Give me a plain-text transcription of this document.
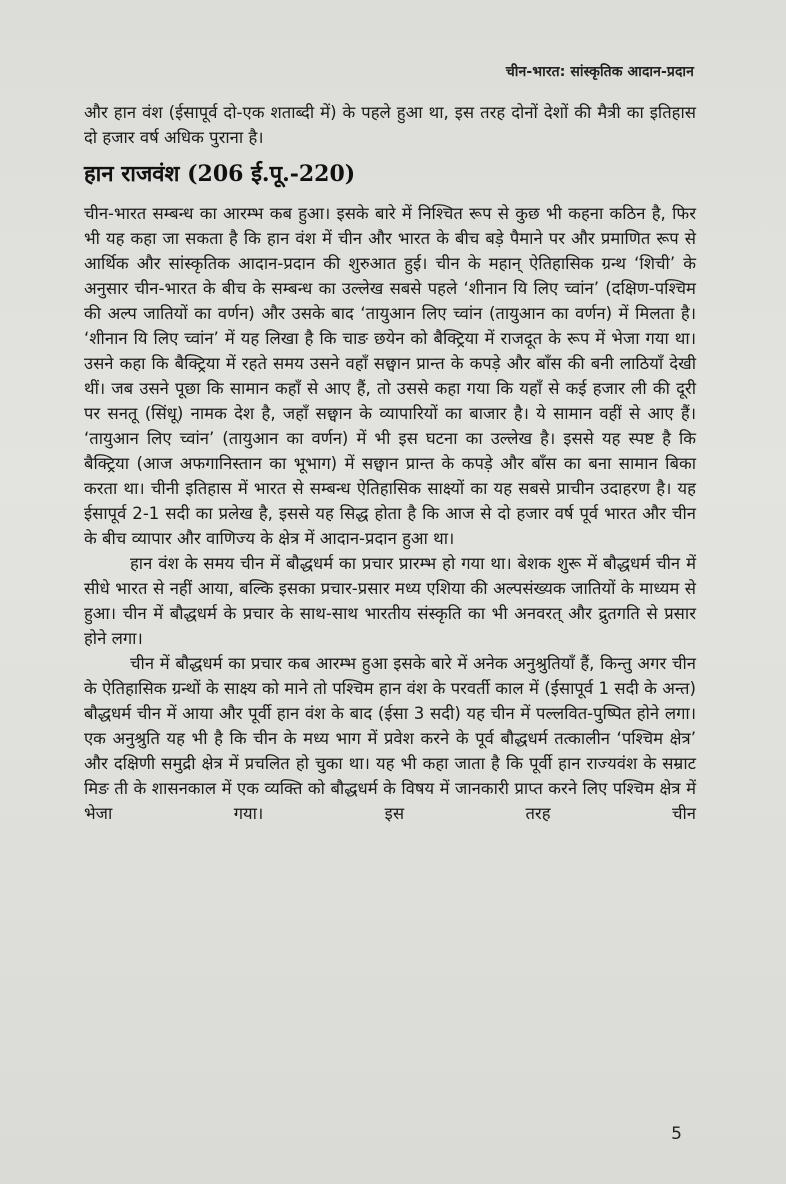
चीन-भारत: सांस्कृतिक आदान-प्रदान

और हान वंश (ईसापूर्व दो-एक शताब्दी में) के पहले हुआ था, इस तरह दोनों देशों की मैत्री का इतिहास दो हजार वर्ष अधिक पुराना है।

हान राजवंश (206 ई.पू.-220)

चीन-भारत सम्बन्ध का आरम्भ कब हुआ। इसके बारे में निश्चित रूप से कुछ भी कहना कठिन है, फिर भी यह कहा जा सकता है कि हान वंश में चीन और भारत के बीच बड़े पैमाने पर और प्रमाणित रूप से आर्थिक और सांस्कृतिक आदान-प्रदान की शुरुआत हुई। चीन के महान् ऐतिहासिक ग्रन्थ ‘शिची’ के अनुसार चीन-भारत के बीच के सम्बन्ध का उल्लेख सबसे पहले ‘शीनान यि लिए च्वांन’ (दक्षिण-पश्चिम की अल्प जातियों का वर्णन) और उसके बाद ‘तायुआन लिए च्वांन (तायुआन का वर्णन) में मिलता है। ‘शीनान यि लिए च्वांन’ में यह लिखा है कि चाङ छयेन को बैक्ट्रिया में राजदूत के रूप में भेजा गया था। उसने कहा कि बैक्ट्रिया में रहते समय उसने वहाँ सछ्वान प्रान्त के कपड़े और बाँस की बनी लाठियाँ देखी थीं। जब उसने पूछा कि सामान कहाँ से आए हैं, तो उससे कहा गया कि यहाँ से कई हजार ली की दूरी पर सनतू (सिंधू) नामक देश है, जहाँ सछ्वान के व्यापारियों का बाजार है। ये सामान वहीं से आए हैं। ‘तायुआन लिए च्वांन’ (तायुआन का वर्णन) में भी इस घटना का उल्लेख है। इससे यह स्पष्ट है कि बैक्ट्रिया (आज अफगानिस्तान का भूभाग) में सछ्वान प्रान्त के कपड़े और बाँस का बना सामान बिका करता था। चीनी इतिहास में भारत से सम्बन्ध ऐतिहासिक साक्ष्यों का यह सबसे प्राचीन उदाहरण है। यह ईसापूर्व 2-1 सदी का प्रलेख है, इससे यह सिद्ध होता है कि आज से दो हजार वर्ष पूर्व भारत और चीन के बीच व्यापार और वाणिज्य के क्षेत्र में आदान-प्रदान हुआ था।

हान वंश के समय चीन में बौद्धधर्म का प्रचार प्रारम्भ हो गया था। बेशक शुरू में बौद्धधर्म चीन में सीधे भारत से नहीं आया, बल्कि इसका प्रचार-प्रसार मध्य एशिया की अल्पसंख्यक जातियों के माध्यम से हुआ। चीन में बौद्धधर्म के प्रचार के साथ-साथ भारतीय संस्कृति का भी अनवरत् और द्रुतगति से प्रसार होने लगा।

चीन में बौद्धधर्म का प्रचार कब आरम्भ हुआ इसके बारे में अनेक अनुश्रुतियाँ हैं, किन्तु अगर चीन के ऐतिहासिक ग्रन्थों के साक्ष्य को माने तो पश्चिम हान वंश के परवर्ती काल में (ईसापूर्व 1 सदी के अन्त) बौद्धधर्म चीन में आया और पूर्वी हान वंश के बाद (ईसा 3 सदी) यह चीन में पल्लवित-पुष्पित होने लगा। एक अनुश्रुति यह भी है कि चीन के मध्य भाग में प्रवेश करने के पूर्व बौद्धधर्म तत्कालीन ‘पश्चिम क्षेत्र’ और दक्षिणी समुद्री क्षेत्र में प्रचलित हो चुका था। यह भी कहा जाता है कि पूर्वी हान राज्यवंश के सम्राट मिङ ती के शासनकाल में एक व्यक्ति को बौद्धधर्म के विषय में जानकारी प्राप्त करने लिए पश्चिम क्षेत्र में भेजा गया। इस तरह चीन

5
